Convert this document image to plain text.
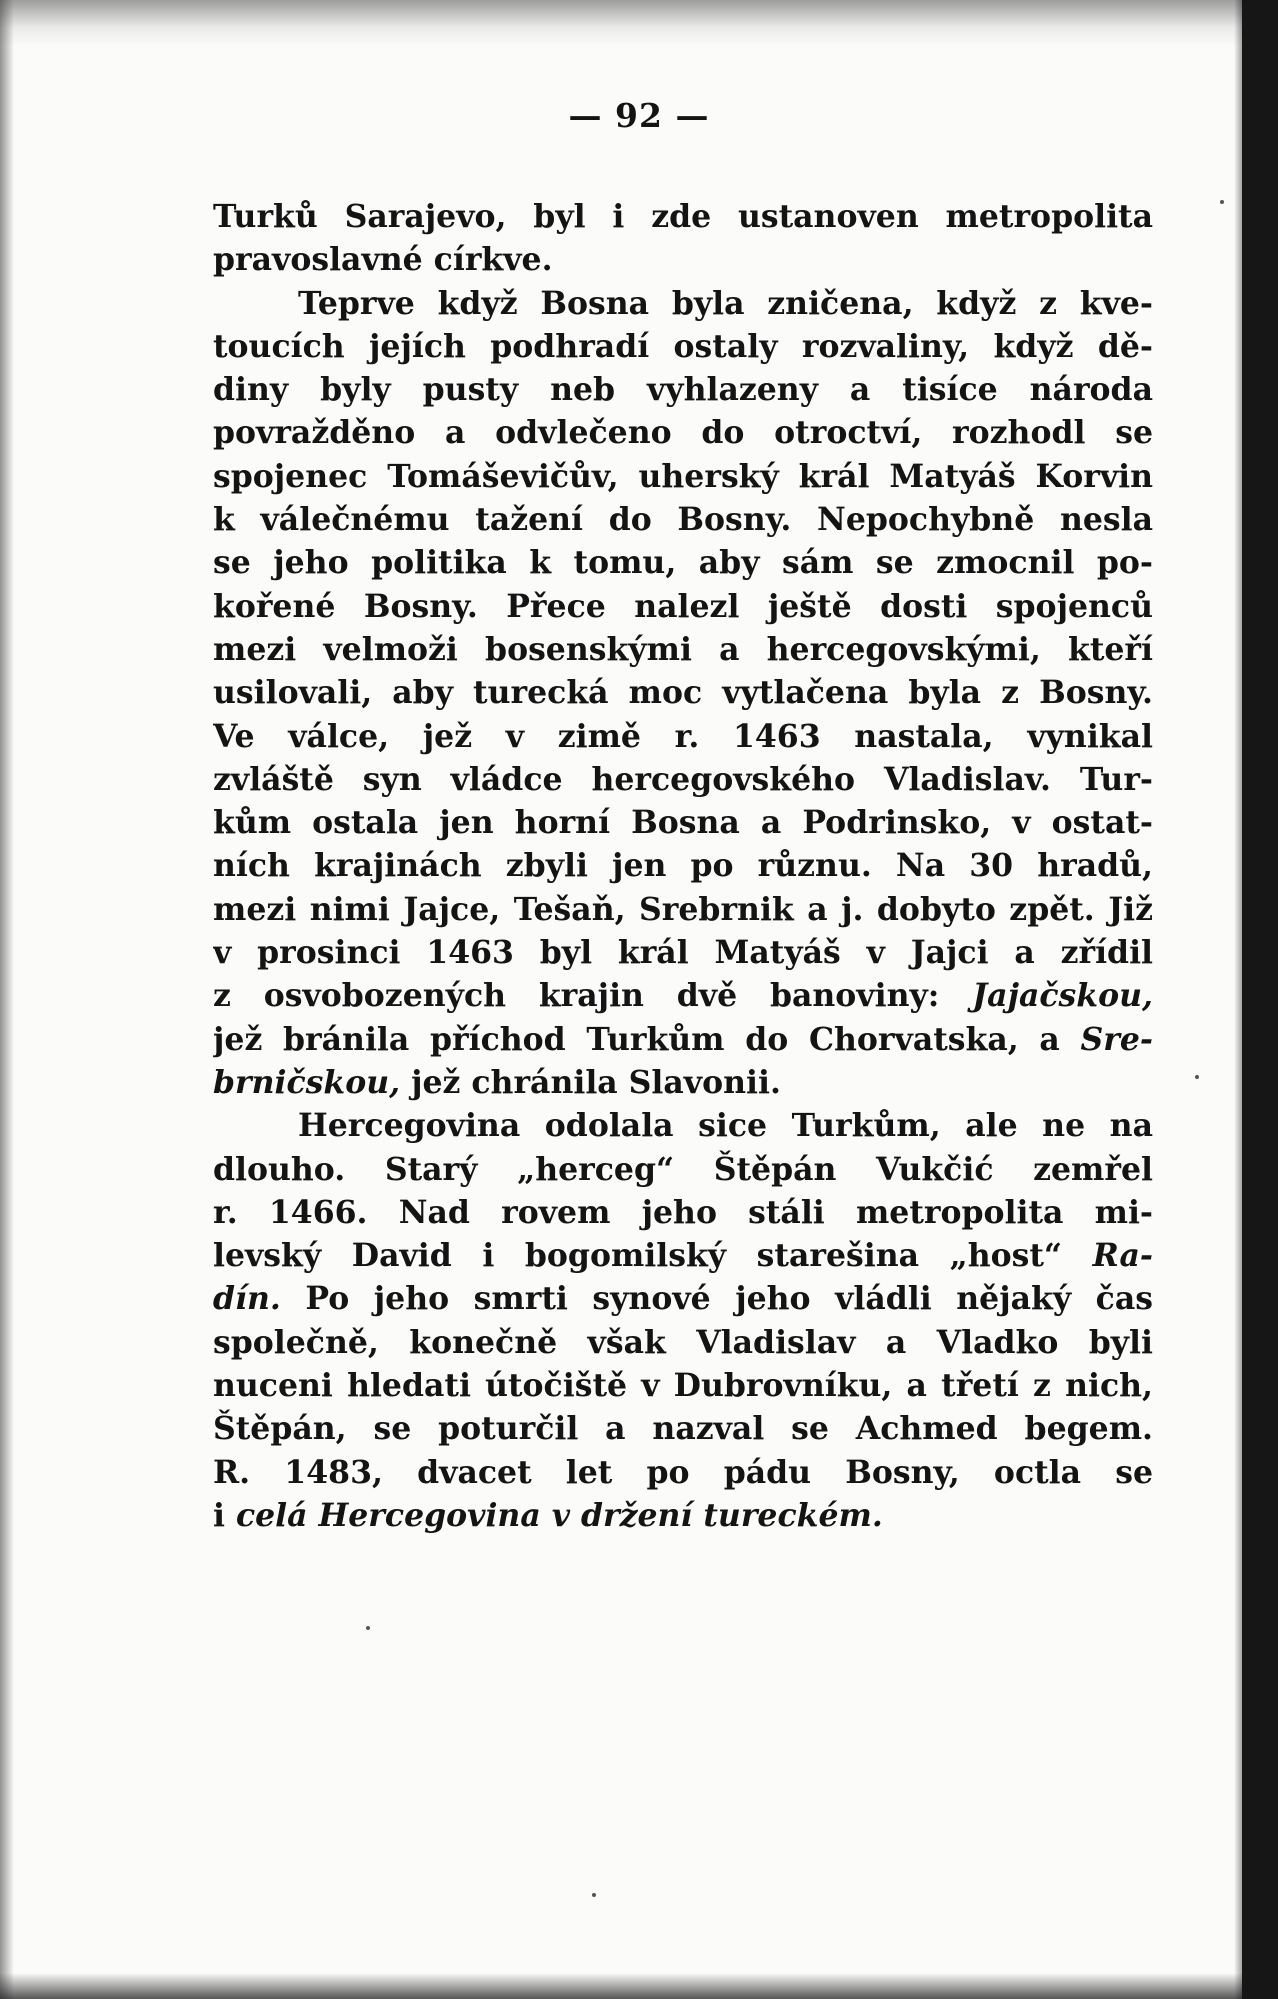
— 92 —
Turků Sarajevo, byl i zde ustanoven metropolita
pravoslavné církve.
Teprve když Bosna byla zničena, když z kve-
toucích jejích podhradí ostaly rozvaliny, když dě-
diny byly pusty neb vyhlazeny a tisíce národa
povražděno a odvlečeno do otroctví, rozhodl se
spojenec Tomáševičův, uherský král Matyáš Korvin
k válečnému tažení do Bosny. Nepochybně nesla
se jeho politika k tomu, aby sám se zmocnil po-
kořené Bosny. Přece nalezl ještě dosti spojenců
mezi velmoži bosenskými a hercegovskými, kteří
usilovali, aby turecká moc vytlačena byla z Bosny.
Ve válce, jež v zimě r. 1463 nastala, vynikal
zvláště syn vládce hercegovského Vladislav. Tur-
kům ostala jen horní Bosna a Podrinsko, v ostat-
ních krajinách zbyli jen po různu. Na 30 hradů,
mezi nimi Jajce, Tešaň, Srebrnik a j. dobyto zpět. Již
v prosinci 1463 byl král Matyáš v Jajci a zřídil
z osvobozených krajin dvě banoviny: Jajačskou,
jež bránila příchod Turkům do Chorvatska, a Sre-
brničskou, jež chránila Slavonii.
Hercegovina odolala sice Turkům, ale ne na
dlouho. Starý „herceg“ Štěpán Vukčić zemřel
r. 1466. Nad rovem jeho stáli metropolita mi-
levský David i bogomilský starešina „host“ Ra-
dín. Po jeho smrti synové jeho vládli nějaký čas
společně, konečně však Vladislav a Vladko byli
nuceni hledati útočiště v Dubrovníku, a třetí z nich,
Štěpán, se poturčil a nazval se Achmed begem.
R. 1483, dvacet let po pádu Bosny, octla se
i celá Hercegovina v držení tureckém.
